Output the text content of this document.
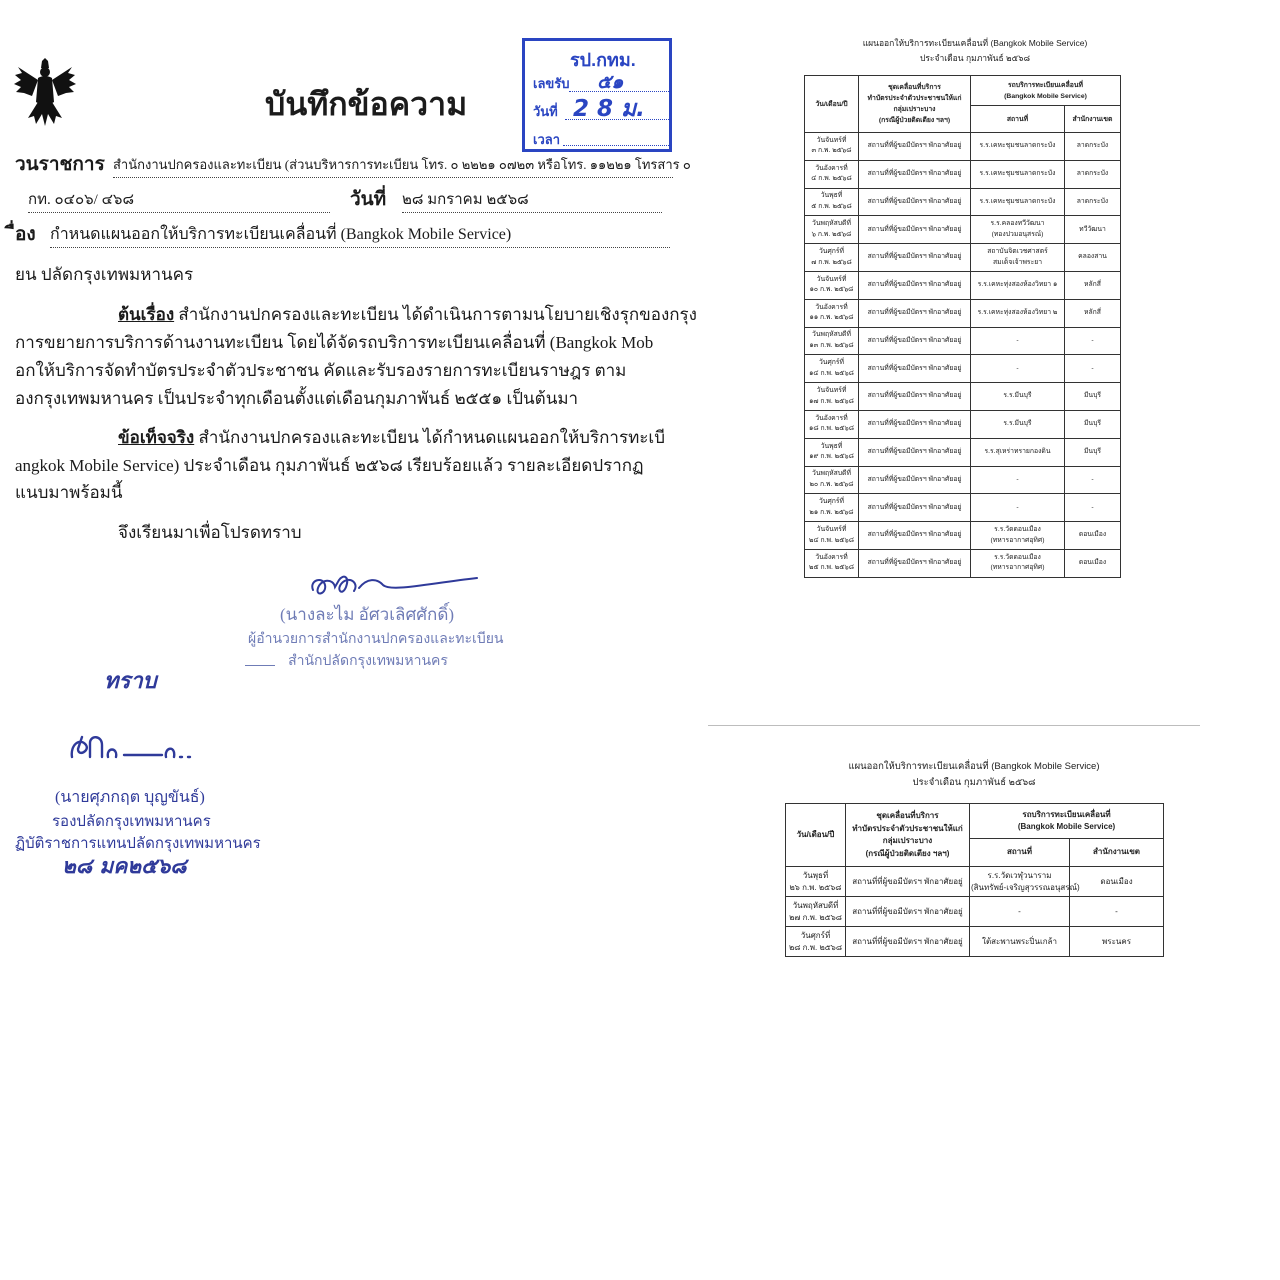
บันทึกข้อความ
รป.กทม.
เลขรับ ๕๑
วันที่ 2 8 ม.
เวลา
วนราชการ สำนักงานปกครองและทะเบียน (ส่วนบริหารการทะเบียน โทร. ๐ ๒๒๒๑ ๐๗๒๓ หรือโทร. ๑๑๒๒๑ โทรสาร ๐
กท. ๐๔๐๖/ ๔๖๘	วันที่ ๒๘ มกราคม ๒๕๖๘
ื่อง กำหนดแผนออกให้บริการทะเบียนเคลื่อนที่ (Bangkok Mobile Service)
ยน ปลัดกรุงเทพมหานคร
ต้นเรื่อง สำนักงานปกครองและทะเบียน ได้ดำเนินการตามนโยบายเชิงรุกของกรุง
การขยายการบริการด้านงานทะเบียน โดยได้จัดรถบริการทะเบียนเคลื่อนที่ (Bangkok Mob
อกให้บริการจัดทำบัตรประจำตัวประชาชน คัดและรับรองรายการทะเบียนราษฎร ตาม
องกรุงเทพมหานคร เป็นประจำทุกเดือนตั้งแต่เดือนกุมภาพันธ์ ๒๕๕๑ เป็นต้นมา
ข้อเท็จจริง สำนักงานปกครองและทะเบียน ได้กำหนดแผนออกให้บริการทะเบี
angkok Mobile Service) ประจำเดือน กุมภาพันธ์ ๒๕๖๘ เรียบร้อยแล้ว รายละเอียดปรากฏ
แนบมาพร้อมนี้
จึงเรียนมาเพื่อโปรดทราบ
(นางละไม อัศวเลิศศักดิ์)
ผู้อำนวยการสำนักงานปกครองและทะเบียน
สำนักปลัดกรุงเทพมหานคร
ทราบ
(นายศุภกฤต บุญขันธ์)
รองปลัดกรุงเทพมหานคร
ฏิบัติราชการแทนปลัดกรุงเทพมหานคร
๒๘ มค๒๕๖๘
แผนออกให้บริการทะเบียนเคลื่อนที่ (Bangkok Mobile Service)
ประจำเดือน กุมภาพันธ์ ๒๕๖๘
วัน/เดือน/ปี	ชุดเคลื่อนที่บริการ
ทำบัตรประจำตัวประชาชนให้แก่
กลุ่มเปราะบาง
(กรณีผู้ป่วยติดเตียง ฯลฯ)	รถบริการทะเบียนเคลื่อนที่
(Bangkok Mobile Service)	

		สถานที่	สำนักงานเขต

วันจันทร์ที่
๓ ก.พ. ๒๕๖๘	สถานที่ที่ผู้ขอมีบัตรฯ พักอาศัยอยู่	ร.ร.เคหะชุมชนลาดกระบัง	ลาดกระบัง

วันอังคารที่
๔ ก.พ. ๒๕๖๘	สถานที่ที่ผู้ขอมีบัตรฯ พักอาศัยอยู่	ร.ร.เคหะชุมชนลาดกระบัง	ลาดกระบัง

วันพุธที่
๕ ก.พ. ๒๕๖๘	สถานที่ที่ผู้ขอมีบัตรฯ พักอาศัยอยู่	ร.ร.เคหะชุมชนลาดกระบัง	ลาดกระบัง

วันพฤหัสบดีที่
๖ ก.พ. ๒๕๖๘	สถานที่ที่ผู้ขอมีบัตรฯ พักอาศัยอยู่	ร.ร.คลองทวีวัฒนา
(ทองปวมอนุสรณ์)	ทวีวัฒนา

วันศุกร์ที่
๗ ก.พ. ๒๕๖๘	สถานที่ที่ผู้ขอมีบัตรฯ พักอาศัยอยู่	สถาบันจิตเวชศาสตร์
สมเด็จเจ้าพระยา	คลองสาน

วันจันทร์ที่
๑๐ ก.พ. ๒๕๖๘	สถานที่ที่ผู้ขอมีบัตรฯ พักอาศัยอยู่	ร.ร.เคหะทุ่งสองห้องวิทยา ๑	หลักสี่

วันอังคารที่
๑๑ ก.พ. ๒๕๖๘	สถานที่ที่ผู้ขอมีบัตรฯ พักอาศัยอยู่	ร.ร.เคหะทุ่งสองห้องวิทยา ๒	หลักสี่

วันพฤหัสบดีที่
๑๓ ก.พ. ๒๕๖๘	สถานที่ที่ผู้ขอมีบัตรฯ พักอาศัยอยู่	-	-

วันศุกร์ที่
๑๔ ก.พ. ๒๕๖๘	สถานที่ที่ผู้ขอมีบัตรฯ พักอาศัยอยู่	-	-

วันจันทร์ที่
๑๗ ก.พ. ๒๕๖๘	สถานที่ที่ผู้ขอมีบัตรฯ พักอาศัยอยู่	ร.ร.มีนบุรี	มีนบุรี

วันอังคารที่
๑๘ ก.พ. ๒๕๖๘	สถานที่ที่ผู้ขอมีบัตรฯ พักอาศัยอยู่	ร.ร.มีนบุรี	มีนบุรี

วันพุธที่
๑๙ ก.พ. ๒๕๖๘	สถานที่ที่ผู้ขอมีบัตรฯ พักอาศัยอยู่	ร.ร.สุเหร่าทรายกองดิน	มีนบุรี

วันพฤหัสบดีที่
๒๐ ก.พ. ๒๕๖๘	สถานที่ที่ผู้ขอมีบัตรฯ พักอาศัยอยู่	-	-

วันศุกร์ที่
๒๑ ก.พ. ๒๕๖๘	สถานที่ที่ผู้ขอมีบัตรฯ พักอาศัยอยู่	-	-

วันจันทร์ที่
๒๔ ก.พ. ๒๕๖๘	สถานที่ที่ผู้ขอมีบัตรฯ พักอาศัยอยู่	ร.ร.วัดดอนเมือง
(ทหารอากาศอุทิศ)	ดอนเมือง

วันอังคารที่
๒๕ ก.พ. ๒๕๖๘	สถานที่ที่ผู้ขอมีบัตรฯ พักอาศัยอยู่	ร.ร.วัดดอนเมือง
(ทหารอากาศอุทิศ)	ดอนเมือง
แผนออกให้บริการทะเบียนเคลื่อนที่ (Bangkok Mobile Service)
ประจำเดือน กุมภาพันธ์ ๒๕๖๘
วัน/เดือน/ปี	ชุดเคลื่อนที่บริการ
ทำบัตรประจำตัวประชาชนให้แก่
กลุ่มเปราะบาง
(กรณีผู้ป่วยติดเตียง ฯลฯ)	รถบริการทะเบียนเคลื่อนที่
(Bangkok Mobile Service)	

		สถานที่	สำนักงานเขต

วันพุธที่
๒๖ ก.พ. ๒๕๖๘	สถานที่ที่ผู้ขอมีบัตรฯ พักอาศัยอยู่	ร.ร.วัดเวฬุวนาราม
(สินทรัพย์-เจริญสุวรรณอนุสรณ์)	ดอนเมือง

วันพฤหัสบดีที่
๒๗ ก.พ. ๒๕๖๘	สถานที่ที่ผู้ขอมีบัตรฯ พักอาศัยอยู่	-	-

วันศุกร์ที่
๒๘ ก.พ. ๒๕๖๘	สถานที่ที่ผู้ขอมีบัตรฯ พักอาศัยอยู่	ใต้สะพานพระปิ่นเกล้า	พระนคร
